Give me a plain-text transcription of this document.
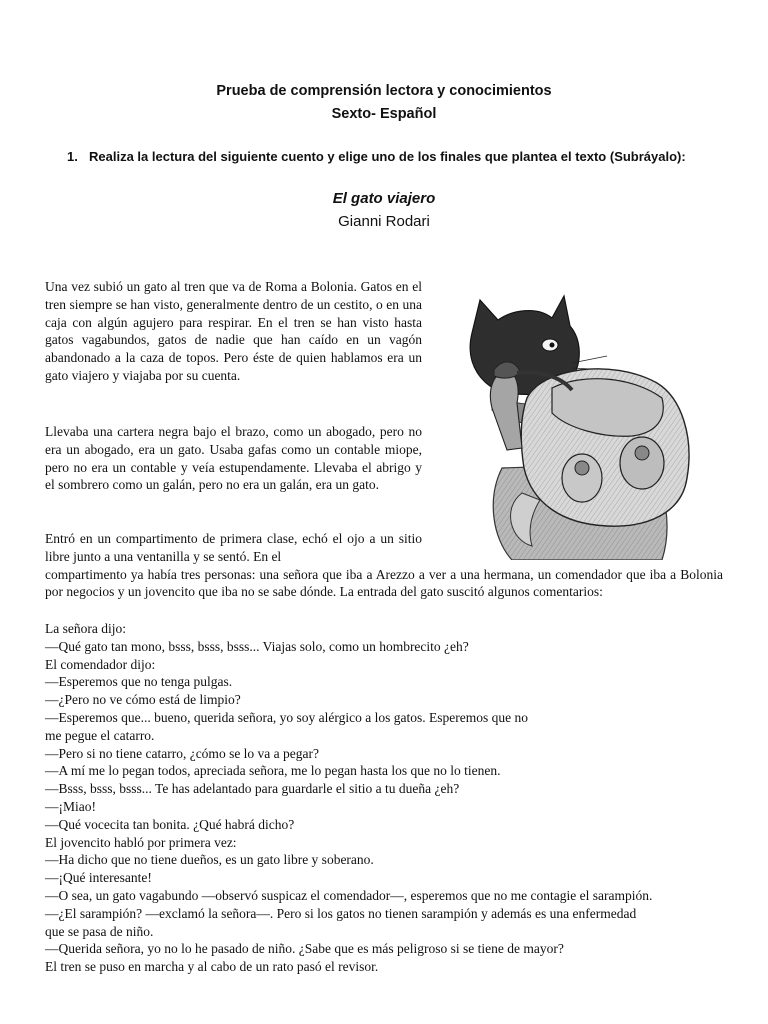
Prueba de comprensión lectora y conocimientos
Sexto- Español
1. Realiza la lectura del siguiente cuento y elige uno de los finales que plantea el texto (Subráyalo):
El gato viajero
Gianni Rodari

Una vez subió un gato al tren que va de Roma a Bolonia. Gatos en el tren siempre se han visto, generalmente dentro de un cestito, o en una caja con algún agujero para respirar. En el tren se han visto hasta gatos vagabundos, gatos de nadie que han caído en un vagón abandonado a la caza de topos. Pero éste de quien hablamos era un gato viajero y viajaba por su cuenta.

Llevaba una cartera negra bajo el brazo, como un abogado, pero no era un abogado, era un gato. Usaba gafas como un contable miope, pero no era un contable y veía estupendamente. Llevaba el abrigo y el sombrero como un galán, pero no era un galán, era un gato.

Entró en un compartimento de primera clase, echó el ojo a un sitio libre junto a una ventanilla y se sentó. En el
compartimento ya había tres personas: una señora que iba a Arezzo a ver a una hermana, un comendador que iba a Bolonia por negocios y un jovencito que iba no se sabe dónde. La entrada del gato suscitó algunos comentarios:

La señora dijo:
—Qué gato tan mono, bsss, bsss, bsss... Viajas solo, como un hombrecito ¿eh?
El comendador dijo:
—Esperemos que no tenga pulgas.
—¿Pero no ve cómo está de limpio?
—Esperemos que... bueno, querida señora, yo soy alérgico a los gatos. Esperemos que no
me pegue el catarro.
—Pero si no tiene catarro, ¿cómo se lo va a pegar?
—A mí me lo pegan todos, apreciada señora, me lo pegan hasta los que no lo tienen.
—Bsss, bsss, bsss... Te has adelantado para guardarle el sitio a tu dueña ¿eh?
—¡Miao!
—Qué vocecita tan bonita. ¿Qué habrá dicho?
El jovencito habló por primera vez:
—Ha dicho que no tiene dueños, es un gato libre y soberano.
—¡Qué interesante!
—O sea, un gato vagabundo —observó suspicaz el comendador—, esperemos que no me contagie el sarampión.
—¿El sarampión? —exclamó la señora—. Pero si los gatos no tienen sarampión y además es una enfermedad
que se pasa de niño.
—Querida señora, yo no lo he pasado de niño. ¿Sabe que es más peligroso si se tiene de mayor?
El tren se puso en marcha y al cabo de un rato pasó el revisor.
